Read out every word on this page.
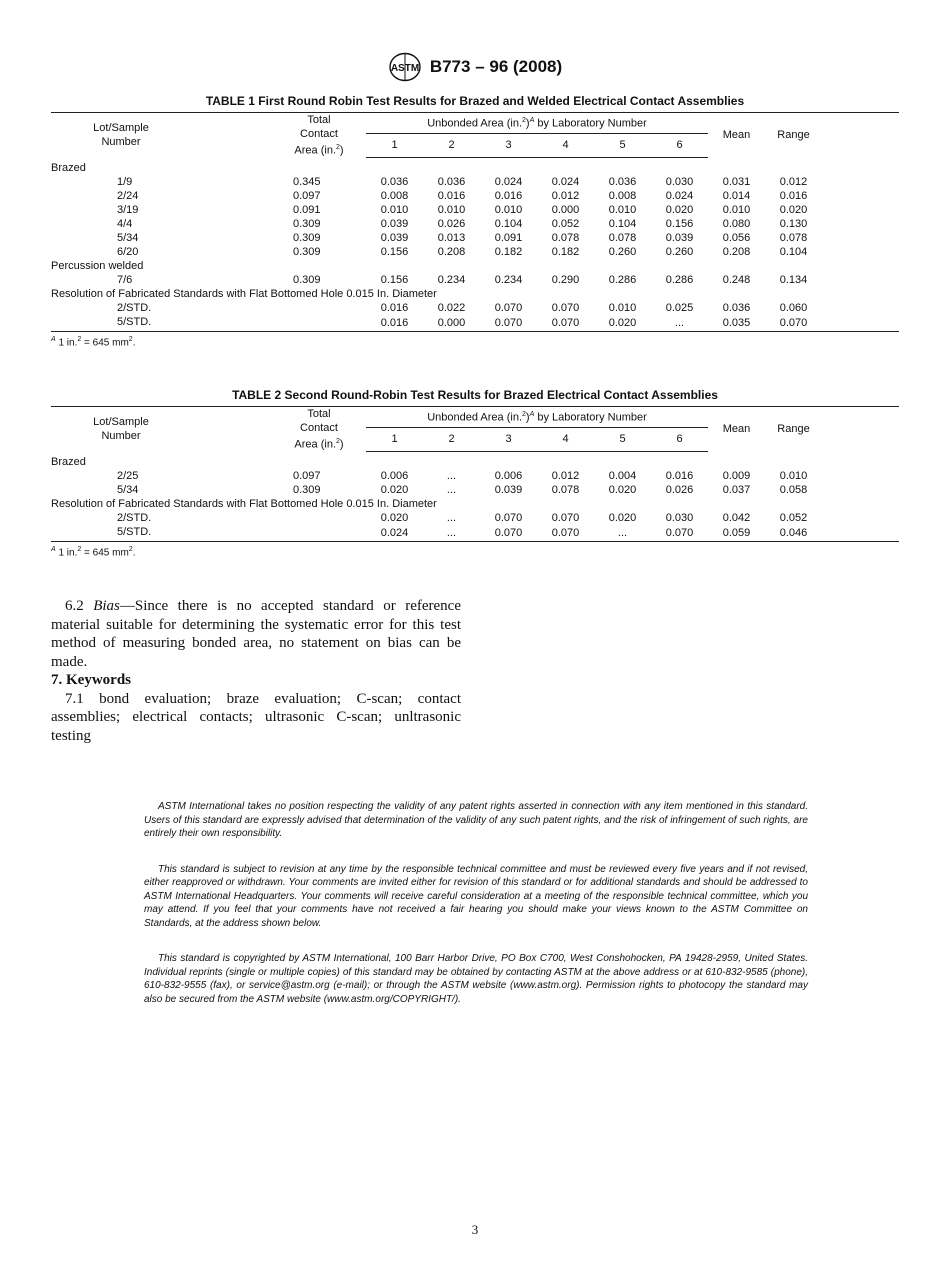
ASTM B773 – 96 (2008)
TABLE 1 First Round Robin Test Results for Brazed and Welded Electrical Contact Assemblies
Lot/Sample
Number	Total
Contact
Area (in.$^2$)	Unbonded Area $(in.^2)^A$ by Laboratory Number						Mean	Range	
		1	2	3	4	5	6			
Brazed										
1/9	0.345	0.036	0.036	0.024	0.024	0.036	0.030	0.031	0.012	
2/24	0.097	0.008	0.016	0.016	0.012	0.008	0.024	0.014	0.016	
3/19	0.091	0.010	0.010	0.010	0.000	0.010	0.020	0.010	0.020	
4/4	0.309	0.039	0.026	0.104	0.052	0.104	0.156	0.080	0.130	
5/34	0.309	0.039	0.013	0.091	0.078	0.078	0.039	0.056	0.078	
6/20	0.309	0.156	0.208	0.182	0.182	0.260	0.260	0.208	0.104	
Percussion welded										
7/6	0.309	0.156	0.234	0.234	0.290	0.286	0.286	0.248	0.134	
Resolution of Fabricated Standards with Flat Bottomed Hole 0.015 In. Diameter										
2/STD.		0.016	0.022	0.070	0.070	0.010	0.025	0.036	0.060	
5/STD.		0.016	0.000	0.070	0.070	0.020	...	0.035	0.070	
$^A$ 1 in.$^2$ = 645 $mm^2$.
TABLE 2 Second Round-Robin Test Results for Brazed Electrical Contact Assemblies
Lot/Sample
Number	Total
Contact
Area (in.$^2$)	Unbonded Area $(in.^2)^A$ by Laboratory Number						Mean	Range	
		1	2	3	4	5	6			
Brazed										
2/25	0.097	0.006	...	0.006	0.012	0.004	0.016	0.009	0.010	
5/34	0.309	0.020	...	0.039	0.078	0.020	0.026	0.037	0.058	
Resolution of Fabricated Standards with Flat Bottomed Hole 0.015 In. Diameter										
2/STD.		0.020	...	0.070	0.070	0.020	0.030	0.042	0.052	
5/STD.		0.024	...	0.070	0.070	...	0.070	0.059	0.046	
$^A$ 1 in.$^2$ = 645 $mm^2$.

6.2 Bias—Since there is no accepted standard or reference material suitable for determining the systematic error for this test method of measuring bonded area, no statement on bias can be made.

7. Keywords

7.1 bond evaluation; braze evaluation; C-scan; contact assemblies; electrical contacts; ultrasonic C-scan; unltrasonic testing

ASTM International takes no position respecting the validity of any patent rights asserted in connection with any item mentioned in this standard. Users of this standard are expressly advised that determination of the validity of any such patent rights, and the risk of infringement of such rights, are entirely their own responsibility.

This standard is subject to revision at any time by the responsible technical committee and must be reviewed every five years and if not revised, either reapproved or withdrawn. Your comments are invited either for revision of this standard or for additional standards and should be addressed to ASTM International Headquarters. Your comments will receive careful consideration at a meeting of the responsible technical committee, which you may attend. If you feel that your comments have not received a fair hearing you should make your views known to the ASTM Committee on Standards, at the address shown below.

This standard is copyrighted by ASTM International, 100 Barr Harbor Drive, PO Box C700, West Conshohocken, PA 19428-2959, United States. Individual reprints (single or multiple copies) of this standard may be obtained by contacting ASTM at the above address or at 610-832-9585 (phone), 610-832-9555 (fax), or service@astm.org (e-mail); or through the ASTM website (www.astm.org). Permission rights to photocopy the standard may also be secured from the ASTM website (www.astm.org/COPYRIGHT/).

3
